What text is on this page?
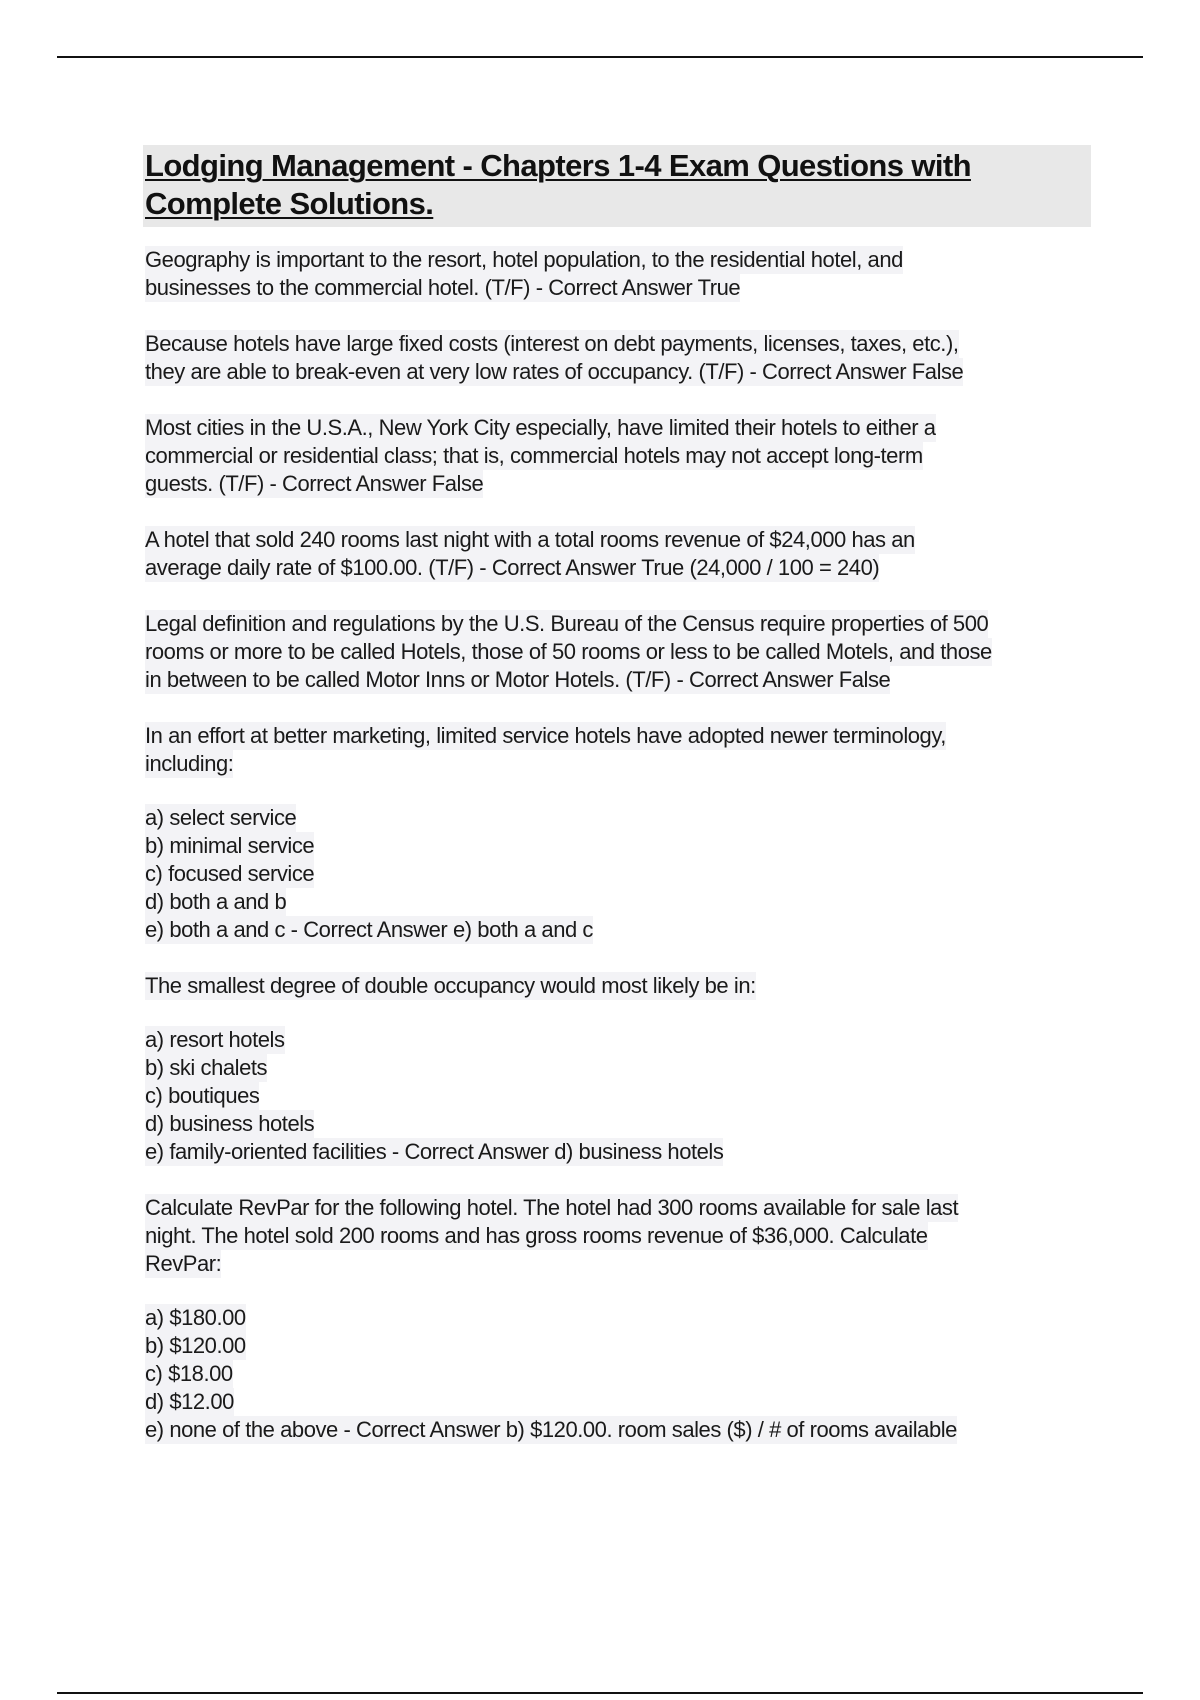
Lodging Management - Chapters 1-4 Exam Questions with
Complete Solutions.
Geography is important to the resort, hotel population, to the residential hotel, and
businesses to the commercial hotel. (T/F) - Correct Answer True
Because hotels have large fixed costs (interest on debt payments, licenses, taxes, etc.),
they are able to break-even at very low rates of occupancy. (T/F) - Correct Answer False
Most cities in the U.S.A., New York City especially, have limited their hotels to either a
commercial or residential class; that is, commercial hotels may not accept long-term
guests. (T/F) - Correct Answer False
A hotel that sold 240 rooms last night with a total rooms revenue of $24,000 has an
average daily rate of $100.00. (T/F) - Correct Answer True (24,000 / 100 = 240)
Legal definition and regulations by the U.S. Bureau of the Census require properties of 500
rooms or more to be called Hotels, those of 50 rooms or less to be called Motels, and those
in between to be called Motor Inns or Motor Hotels. (T/F) - Correct Answer False
In an effort at better marketing, limited service hotels have adopted newer terminology,
including:
a) select service
b) minimal service
c) focused service
d) both a and b
e) both a and c - Correct Answer e) both a and c
The smallest degree of double occupancy would most likely be in:
a) resort hotels
b) ski chalets
c) boutiques
d) business hotels
e) family-oriented facilities - Correct Answer d) business hotels
Calculate RevPar for the following hotel. The hotel had 300 rooms available for sale last
night. The hotel sold 200 rooms and has gross rooms revenue of $36,000. Calculate
RevPar:
a) $180.00
b) $120.00
c) $18.00
d) $12.00
e) none of the above - Correct Answer b) $120.00. room sales ($) / # of rooms available
